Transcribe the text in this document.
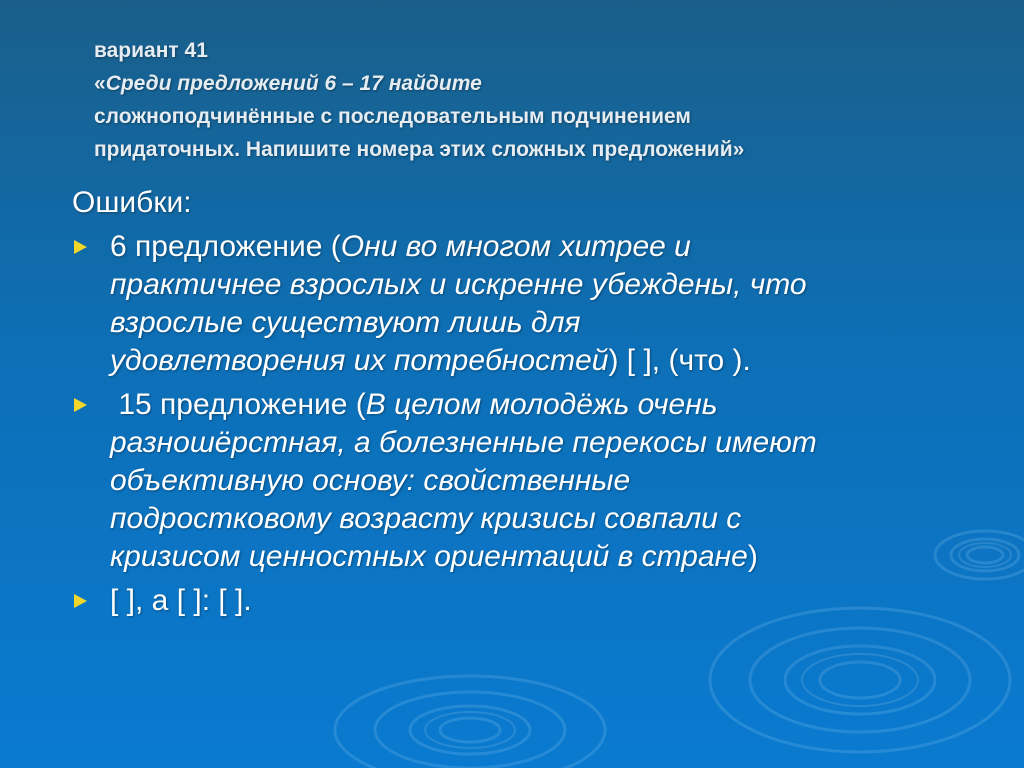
вариант 41
«Среди предложений 6 – 17 найдите
сложноподчинённые с последовательным подчинением
придаточных. Напишите номера этих сложных предложений»
Ошибки:
6 предложение (Они во многом хитрее и
практичнее взрослых и искренне убеждены, что
взрослые существуют лишь для
удовлетворения их потребностей) [ ], (что ).
15 предложение (В целом молодёжь очень
разношёрстная, а болезненные перекосы имеют
объективную основу: свойственные
подростковому возрасту кризисы совпали с
кризисом ценностных ориентаций в стране)
[ ], а [ ]: [ ].
